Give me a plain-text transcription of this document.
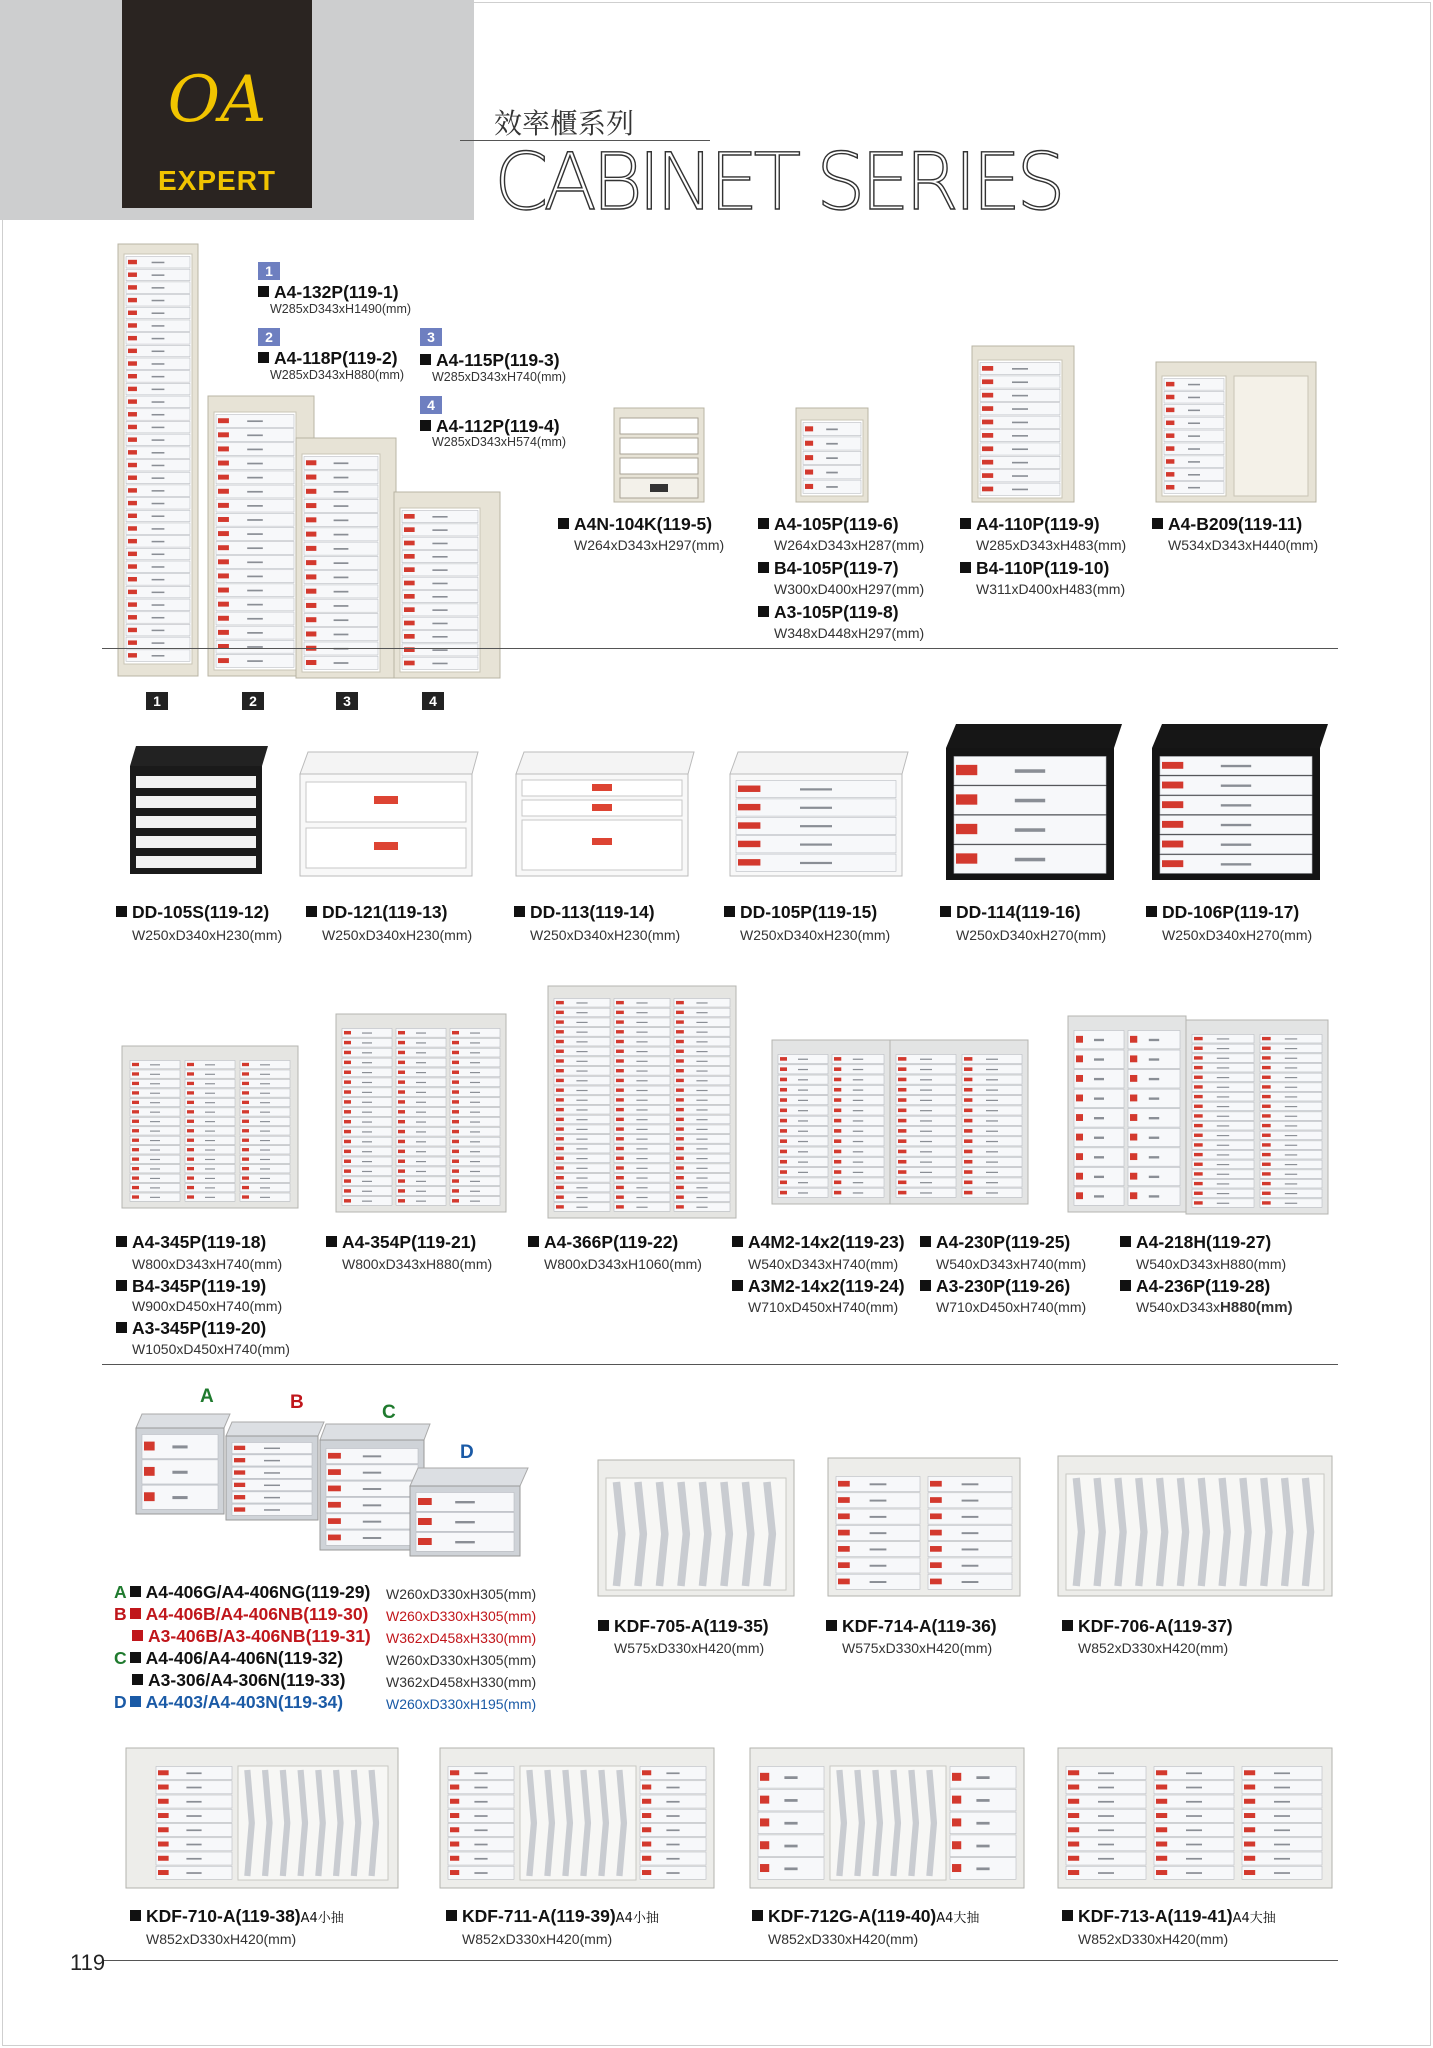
OA
EXPERT
效率櫃系列
CABINET SERIES
1
A4-132P(119-1)
W285xD343xH1490(mm)
2
A4-118P(119-2)
W285xD343xH880(mm)
3
A4-115P(119-3)
W285xD343xH740(mm)
4
A4-112P(119-4)
W285xD343xH574(mm)
A4N-104K(119-5)
W264xD343xH297(mm)
A4-105P(119-6)
W264xD343xH287(mm)
B4-105P(119-7)
W300xD400xH297(mm)
A3-105P(119-8)
W348xD448xH297(mm)
A4-110P(119-9)
W285xD343xH483(mm)
B4-110P(119-10)
W311xD400xH483(mm)
A4-B209(119-11)
W534xD343xH440(mm)
1	2	3	4
DD-105S(119-12)
W250xD340xH230(mm)
DD-121(119-13)
W250xD340xH230(mm)
DD-113(119-14)
W250xD340xH230(mm)
DD-105P(119-15)
W250xD340xH230(mm)
DD-114(119-16)
W250xD340xH270(mm)
DD-106P(119-17)
W250xD340xH270(mm)
A4-345P(119-18)
W800xD343xH740(mm)
B4-345P(119-19)
W900xD450xH740(mm)
A3-345P(119-20)
W1050xD450xH740(mm)
A4-354P(119-21)
W800xD343xH880(mm)
A4-366P(119-22)
W800xD343xH1060(mm)
A4M2-14x2(119-23)
W540xD343xH740(mm)
A3M2-14x2(119-24)
W710xD450xH740(mm)
A4-230P(119-25)
W540xD343xH740(mm)
A3-230P(119-26)
W710xD450xH740(mm)
A4-218H(119-27)
W540xD343xH880(mm)
A4-236P(119-28)
W540xD343xH880(mm)
A	B	C
D
A A4-406G/A4-406NG(119-29) W260xD330xH305(mm)
B A4-406B/A4-406NB(119-30) W260xD330xH305(mm)
A3-406B/A3-406NB(119-31) W362xD458xH330(mm)
C A4-406/A4-406N(119-32)	W260xD330xH305(mm)
A3-306/A4-306N(119-33)	W362xD458xH330(mm)
D A4-403/A4-403N(119-34)	W260xD330xH195(mm)
KDF-705-A(119-35)
W575xD330xH420(mm)
KDF-714-A(119-36)
W575xD330xH420(mm)
KDF-706-A(119-37)
W852xD330xH420(mm)
KDF-710-A(119-38)A4小抽
W852xD330xH420(mm)
KDF-711-A(119-39)A4小抽
W852xD330xH420(mm)
KDF-712G-A(119-40)A4大抽
W852xD330xH420(mm)
KDF-713-A(119-41)A4大抽
W852xD330xH420(mm)
119
